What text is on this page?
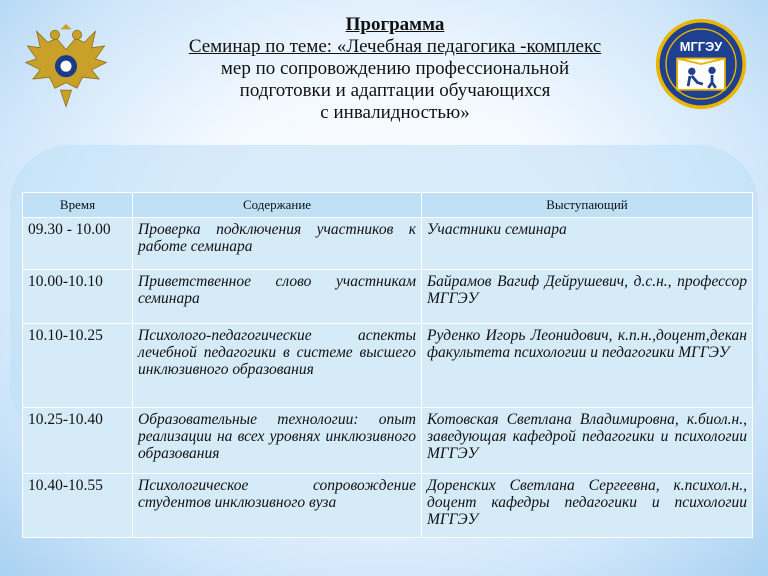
МГГЭУ
Программа
Семинар по теме: «Лечебная педагогика -комплекс
мер по сопровождению профессиональной
подготовки и адаптации обучающихся
с инвалидностью»
Время	Содержание	Выступающий
09.30 - 10.00	Проверка подключения участников к работе семинара	Участники семинара
10.00-10.10	Приветственное слово участникам семинара	Байрамов Вагиф Дейрушевич, д.с.н., профессор МГГЭУ
10.10-10.25	Психолого-педагогические аспекты лечебной педагогики в системе высшего инклюзивного образования	Руденко Игорь Леонидович, к.п.н.,доцент,декан факультета психологии и педагогики МГГЭУ
10.25-10.40	Образовательные технологии: опыт реализации на всех уровнях инклюзивного образования	Котовская Светлана Владимировна, к.биол.н., заведующая кафедрой педагогики и психологии МГГЭУ
10.40-10.55	Психологическое сопровождение студентов инклюзивного вуза	Доренских Светлана Сергеевна, к.психол.н., доцент кафедры педагогики и психологии МГГЭУ
